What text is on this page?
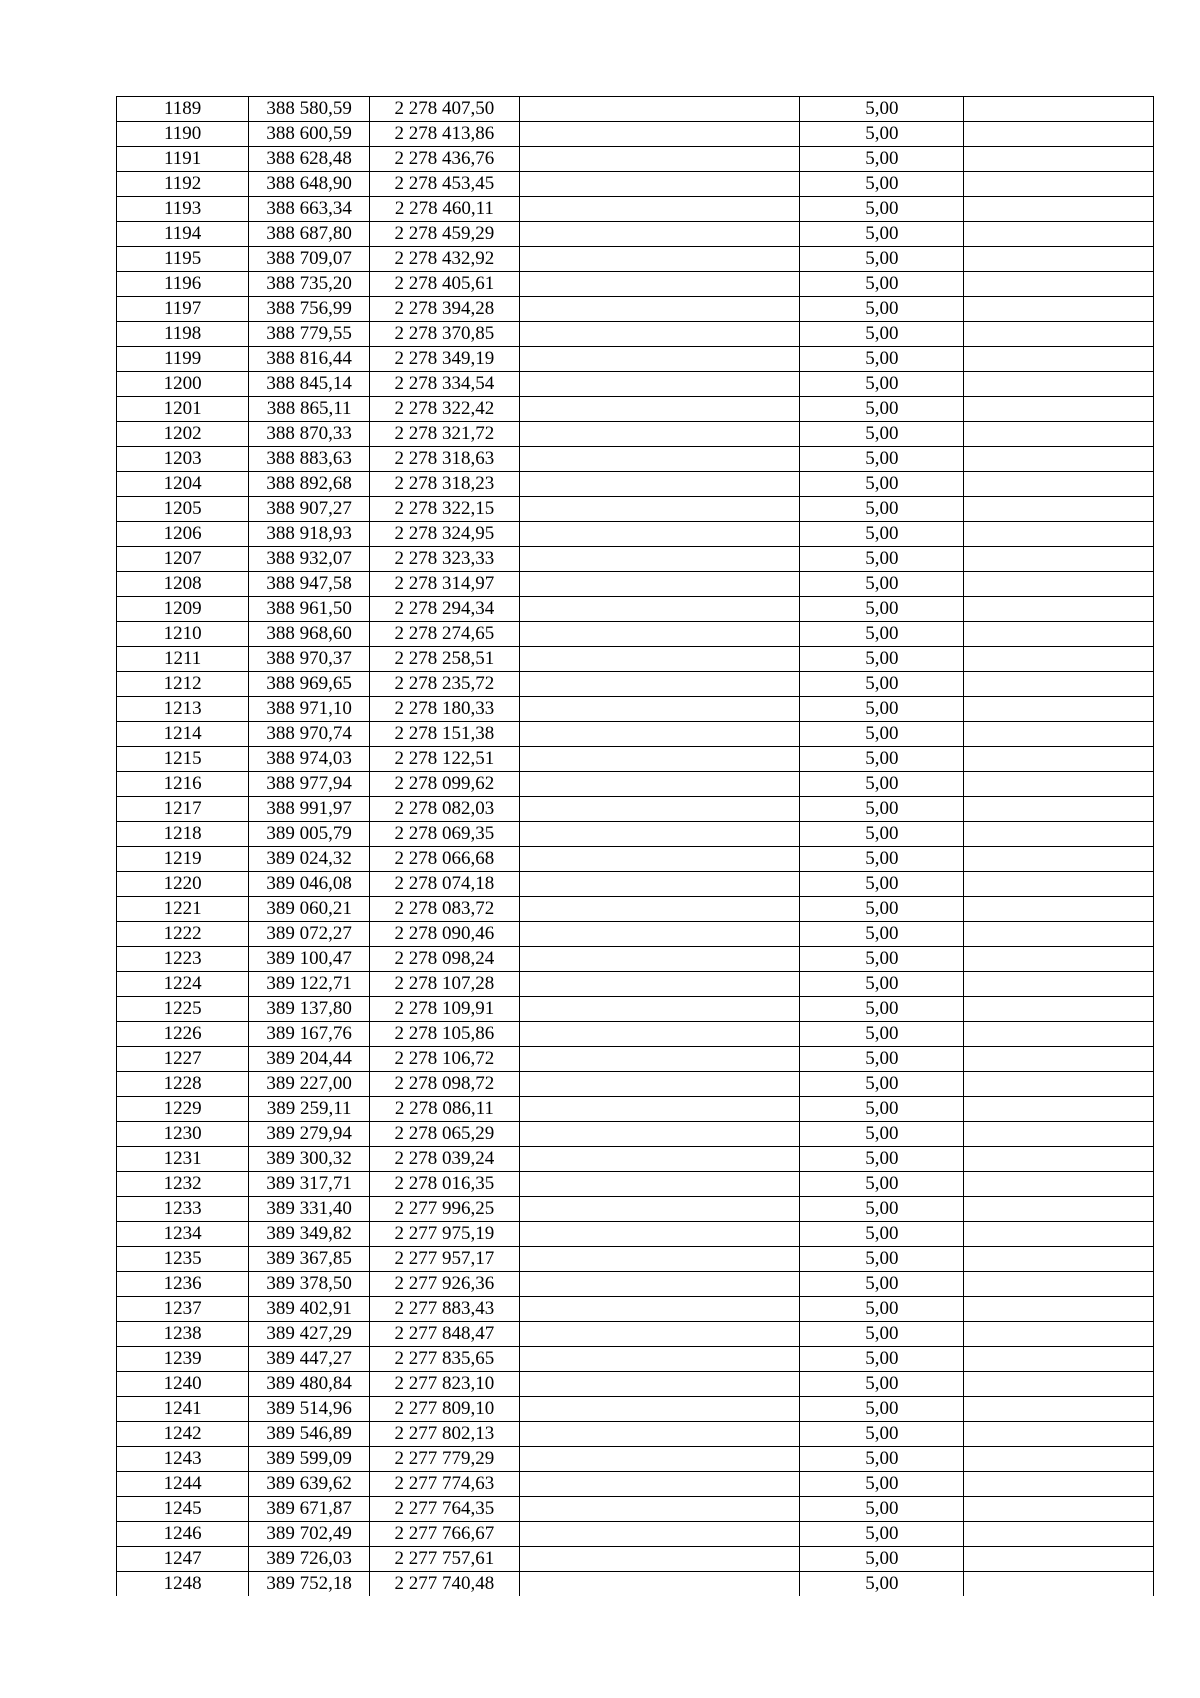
1189	388 580,59	2 278 407,50		5,00	
1190	388 600,59	2 278 413,86		5,00	
1191	388 628,48	2 278 436,76		5,00	
1192	388 648,90	2 278 453,45		5,00	
1193	388 663,34	2 278 460,11		5,00	
1194	388 687,80	2 278 459,29		5,00	
1195	388 709,07	2 278 432,92		5,00	
1196	388 735,20	2 278 405,61		5,00	
1197	388 756,99	2 278 394,28		5,00	
1198	388 779,55	2 278 370,85		5,00	
1199	388 816,44	2 278 349,19		5,00	
1200	388 845,14	2 278 334,54		5,00	
1201	388 865,11	2 278 322,42		5,00	
1202	388 870,33	2 278 321,72		5,00	
1203	388 883,63	2 278 318,63		5,00	
1204	388 892,68	2 278 318,23		5,00	
1205	388 907,27	2 278 322,15		5,00	
1206	388 918,93	2 278 324,95		5,00	
1207	388 932,07	2 278 323,33		5,00	
1208	388 947,58	2 278 314,97		5,00	
1209	388 961,50	2 278 294,34		5,00	
1210	388 968,60	2 278 274,65		5,00	
1211	388 970,37	2 278 258,51		5,00	
1212	388 969,65	2 278 235,72		5,00	
1213	388 971,10	2 278 180,33		5,00	
1214	388 970,74	2 278 151,38		5,00	
1215	388 974,03	2 278 122,51		5,00	
1216	388 977,94	2 278 099,62		5,00	
1217	388 991,97	2 278 082,03		5,00	
1218	389 005,79	2 278 069,35		5,00	
1219	389 024,32	2 278 066,68		5,00	
1220	389 046,08	2 278 074,18		5,00	
1221	389 060,21	2 278 083,72		5,00	
1222	389 072,27	2 278 090,46		5,00	
1223	389 100,47	2 278 098,24		5,00	
1224	389 122,71	2 278 107,28		5,00	
1225	389 137,80	2 278 109,91		5,00	
1226	389 167,76	2 278 105,86		5,00	
1227	389 204,44	2 278 106,72		5,00	
1228	389 227,00	2 278 098,72		5,00	
1229	389 259,11	2 278 086,11		5,00	
1230	389 279,94	2 278 065,29		5,00	
1231	389 300,32	2 278 039,24		5,00	
1232	389 317,71	2 278 016,35		5,00	
1233	389 331,40	2 277 996,25		5,00	
1234	389 349,82	2 277 975,19		5,00	
1235	389 367,85	2 277 957,17		5,00	
1236	389 378,50	2 277 926,36		5,00	
1237	389 402,91	2 277 883,43		5,00	
1238	389 427,29	2 277 848,47		5,00	
1239	389 447,27	2 277 835,65		5,00	
1240	389 480,84	2 277 823,10		5,00	
1241	389 514,96	2 277 809,10		5,00	
1242	389 546,89	2 277 802,13		5,00	
1243	389 599,09	2 277 779,29		5,00	
1244	389 639,62	2 277 774,63		5,00	
1245	389 671,87	2 277 764,35		5,00	
1246	389 702,49	2 277 766,67		5,00	
1247	389 726,03	2 277 757,61		5,00	
1248	389 752,18	2 277 740,48		5,00	
